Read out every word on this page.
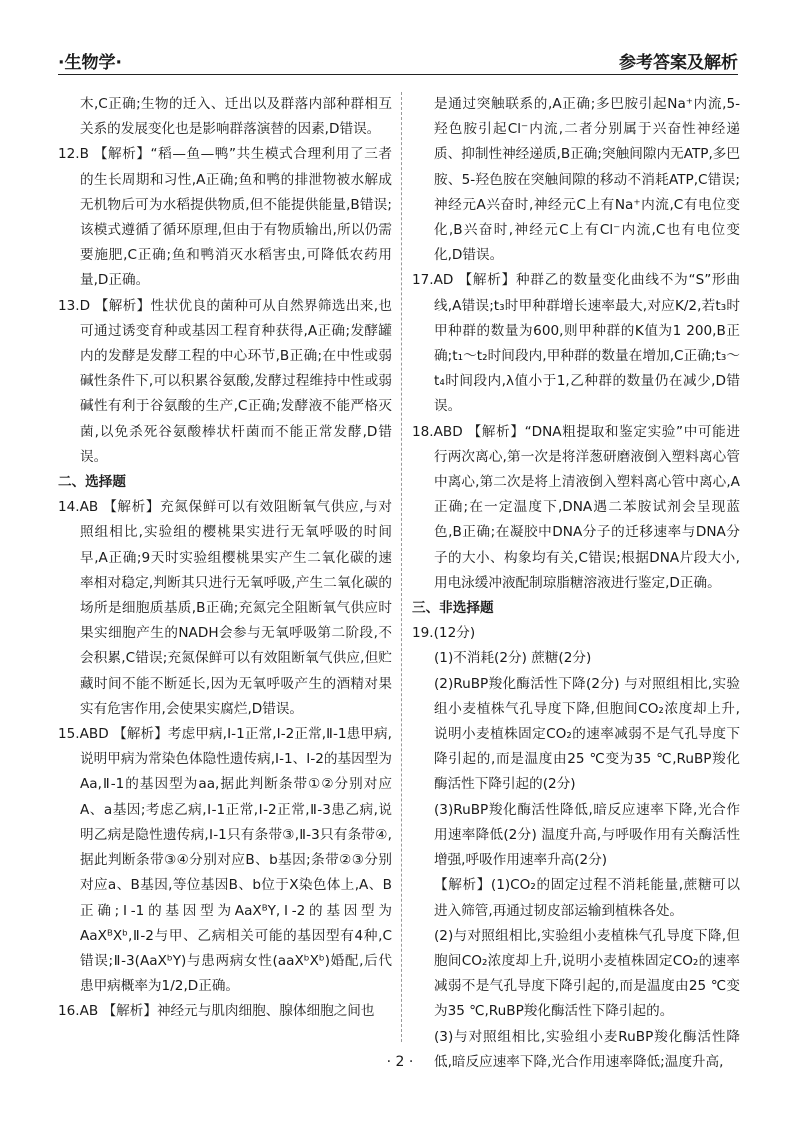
·生物学·	参考答案及解析

木,C正确;生物的迁入、迁出以及群落内部种群相互关系的发展变化也是影响群落演替的因素,D错误。

12.B 【解析】“稻—鱼—鸭”共生模式合理利用了三者的生长周期和习性,A正确;鱼和鸭的排泄物被水解成无机物后可为水稻提供物质,但不能提供能量,B错误;该模式遵循了循环原理,但由于有物质输出,所以仍需要施肥,C正确;鱼和鸭消灭水稻害虫,可降低农药用量,D正确。

13.D 【解析】性状优良的菌种可从自然界筛选出来,也可通过诱变育种或基因工程育种获得,A正确;发酵罐内的发酵是发酵工程的中心环节,B正确;在中性或弱碱性条件下,可以积累谷氨酸,发酵过程维持中性或弱碱性有利于谷氨酸的生产,C正确;发酵液不能严格灭菌,以免杀死谷氨酸棒状杆菌而不能正常发酵,D错误。

二、选择题

14.AB 【解析】充氮保鲜可以有效阻断氧气供应,与对照组相比,实验组的樱桃果实进行无氧呼吸的时间早,A正确;9天时实验组樱桃果实产生二氧化碳的速率相对稳定,判断其只进行无氧呼吸,产生二氧化碳的场所是细胞质基质,B正确;充氮完全阻断氧气供应时果实细胞产生的NADH会参与无氧呼吸第二阶段,不会积累,C错误;充氮保鲜可以有效阻断氧气供应,但贮藏时间不能不断延长,因为无氧呼吸产生的酒精对果实有危害作用,会使果实腐烂,D错误。

15.ABD 【解析】考虑甲病,Ⅰ-1正常,Ⅰ-2正常,Ⅱ-1患甲病,说明甲病为常染色体隐性遗传病,Ⅰ-1、Ⅰ-2的基因型为Aa,Ⅱ-1的基因型为aa,据此判断条带①②分别对应A、a基因;考虑乙病,Ⅰ-1正常,Ⅰ-2正常,Ⅱ-3患乙病,说明乙病是隐性遗传病,Ⅰ-1只有条带③,Ⅱ-3只有条带④,据此判断条带③④分别对应B、b基因;条带②③分别对应a、B基因,等位基因B、b位于X染色体上,A、B正确;Ⅰ-1的基因型为AaXᴮY,Ⅰ-2的基因型为AaXᴮXᵇ,Ⅱ-2与甲、乙病相关可能的基因型有4种,C错误;Ⅱ-3(AaXᵇY)与患两病女性(aaXᵇXᵇ)婚配,后代患甲病概率为1/2,D正确。

16.AB 【解析】神经元与肌肉细胞、腺体细胞之间也

是通过突触联系的,A正确;多巴胺引起Na⁺内流,5-羟色胺引起Cl⁻内流,二者分别属于兴奋性神经递质、抑制性神经递质,B正确;突触间隙内无ATP,多巴胺、5-羟色胺在突触间隙的移动不消耗ATP,C错误;神经元A兴奋时,神经元C上有Na⁺内流,C有电位变化,B兴奋时,神经元C上有Cl⁻内流,C也有电位变化,D错误。

17.AD 【解析】种群乙的数量变化曲线不为“S”形曲线,A错误;t₃时甲种群增长速率最大,对应K/2,若t₃时甲种群的数量为600,则甲种群的K值为1 200,B正确;t₁～t₂时间段内,甲种群的数量在增加,C正确;t₃～t₄时间段内,λ值小于1,乙种群的数量仍在减少,D错误。

18.ABD 【解析】“DNA粗提取和鉴定实验”中可能进行两次离心,第一次是将洋葱研磨液倒入塑料离心管中离心,第二次是将上清液倒入塑料离心管中离心,A正确;在一定温度下,DNA遇二苯胺试剂会呈现蓝色,B正确;在凝胶中DNA分子的迁移速率与DNA分子的大小、构象均有关,C错误;根据DNA片段大小,用电泳缓冲液配制琼脂糖溶液进行鉴定,D正确。

三、非选择题

19.(12分)

(1)不消耗(2分) 蔗糖(2分)

(2)RuBP羧化酶活性下降(2分) 与对照组相比,实验组小麦植株气孔导度下降,但胞间CO₂浓度却上升,说明小麦植株固定CO₂的速率减弱不是气孔导度下降引起的,而是温度由25 ℃变为35 ℃,RuBP羧化酶活性下降引起的(2分)

(3)RuBP羧化酶活性降低,暗反应速率下降,光合作用速率降低(2分) 温度升高,与呼吸作用有关酶活性增强,呼吸作用速率升高(2分)

【解析】(1)CO₂的固定过程不消耗能量,蔗糖可以进入筛管,再通过韧皮部运输到植株各处。

(2)与对照组相比,实验组小麦植株气孔导度下降,但胞间CO₂浓度却上升,说明小麦植株固定CO₂的速率减弱不是气孔导度下降引起的,而是温度由25 ℃变为35 ℃,RuBP羧化酶活性下降引起的。

(3)与对照组相比,实验组小麦RuBP羧化酶活性降低,暗反应速率下降,光合作用速率降低;温度升高,

· 2 ·
